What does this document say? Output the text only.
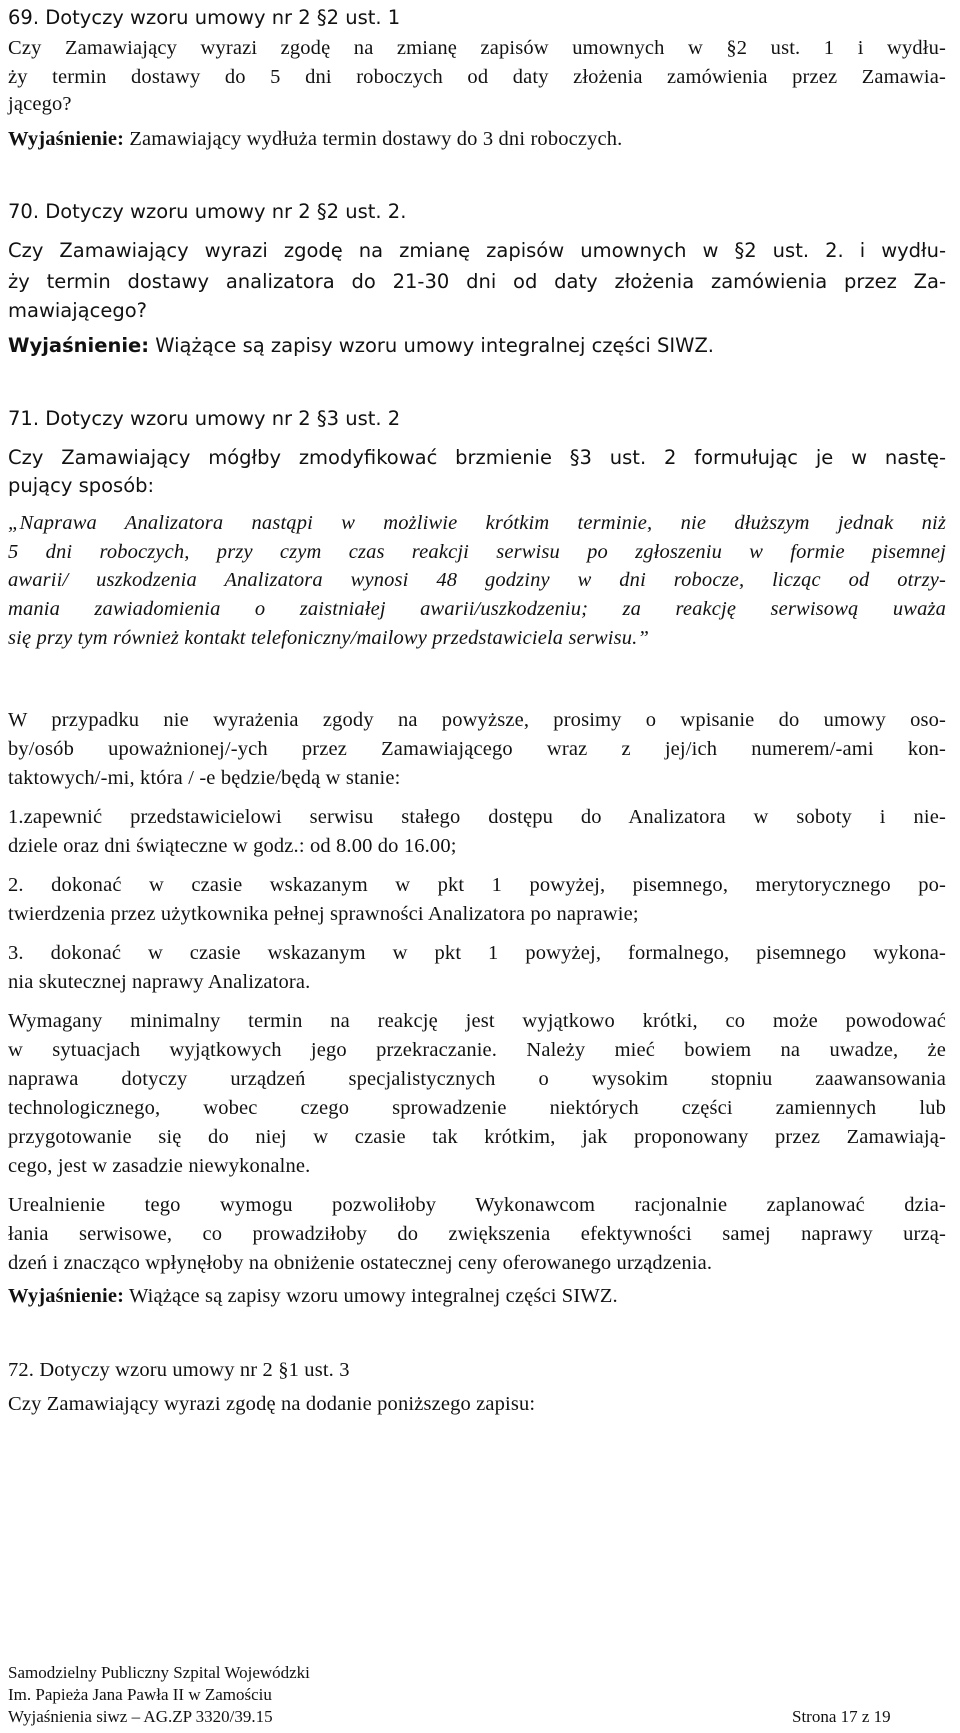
69. Dotyczy wzoru umowy nr 2 §2 ust. 1
Czy Zamawiający wyrazi zgodę na zmianę zapisów umownych w §2 ust. 1 i wydłu-
ży termin dostawy do 5 dni roboczych od daty złożenia zamówienia przez Zamawia-
jącego?
Wyjaśnienie: Zamawiający wydłuża termin dostawy do 3 dni roboczych.
70. Dotyczy wzoru umowy nr 2 §2 ust. 2.
Czy Zamawiający wyrazi zgodę na zmianę zapisów umownych w §2 ust. 2. i wydłu-
ży termin dostawy analizatora do 21-30 dni od daty złożenia zamówienia przez Za-
mawiającego?
Wyjaśnienie: Wiążące są zapisy wzoru umowy integralnej części SIWZ.
71. Dotyczy wzoru umowy nr 2 §3 ust. 2
Czy Zamawiający mógłby zmodyfikować brzmienie §3 ust. 2 formułując je w nastę-
pujący sposób:
„Naprawa Analizatora nastąpi w możliwie krótkim terminie, nie dłuższym jednak niż
5 dni roboczych, przy czym czas reakcji serwisu po zgłoszeniu w formie pisemnej
awarii/ uszkodzenia Analizatora wynosi 48 godziny w dni robocze, licząc od otrzy-
mania zawiadomienia o zaistniałej awarii/uszkodzeniu; za reakcję serwisową uważa
się przy tym również kontakt telefoniczny/mailowy przedstawiciela serwisu.”
W przypadku nie wyrażenia zgody na powyższe, prosimy o wpisanie do umowy oso-
by/osób upoważnionej/-ych przez Zamawiającego wraz z jej/ich numerem/-ami kon-
taktowych/-mi, która / -e będzie/będą w stanie:
1.zapewnić przedstawicielowi serwisu stałego dostępu do Analizatora w soboty i nie-
dziele oraz dni świąteczne w godz.: od 8.00 do 16.00;
2. dokonać w czasie wskazanym w pkt 1 powyżej, pisemnego, merytorycznego po-
twierdzenia przez użytkownika pełnej sprawności Analizatora po naprawie;
3. dokonać w czasie wskazanym w pkt 1 powyżej, formalnego, pisemnego wykona-
nia skutecznej naprawy Analizatora.
Wymagany minimalny termin na reakcję jest wyjątkowo krótki, co może powodować
w sytuacjach wyjątkowych jego przekraczanie. Należy mieć bowiem na uwadze, że
naprawa dotyczy urządzeń specjalistycznych o wysokim stopniu zaawansowania
technologicznego, wobec czego sprowadzenie niektórych części zamiennych lub
przygotowanie się do niej w czasie tak krótkim, jak proponowany przez Zamawiają-
cego, jest w zasadzie niewykonalne.
Urealnienie tego wymogu pozwoliłoby Wykonawcom racjonalnie zaplanować dzia-
łania serwisowe, co prowadziłoby do zwiększenia efektywności samej naprawy urzą-
dzeń i znacząco wpłynęłoby na obniżenie ostatecznej ceny oferowanego urządzenia.
Wyjaśnienie: Wiążące są zapisy wzoru umowy integralnej części SIWZ.
72. Dotyczy wzoru umowy nr 2 §1 ust. 3
Czy Zamawiający wyrazi zgodę na dodanie poniższego zapisu:
Samodzielny Publiczny Szpital Wojewódzki
Im. Papieża Jana Pawła II w Zamościu
Wyjaśnienia siwz – AG.ZP 3320/39.15	Strona 17 z 19
